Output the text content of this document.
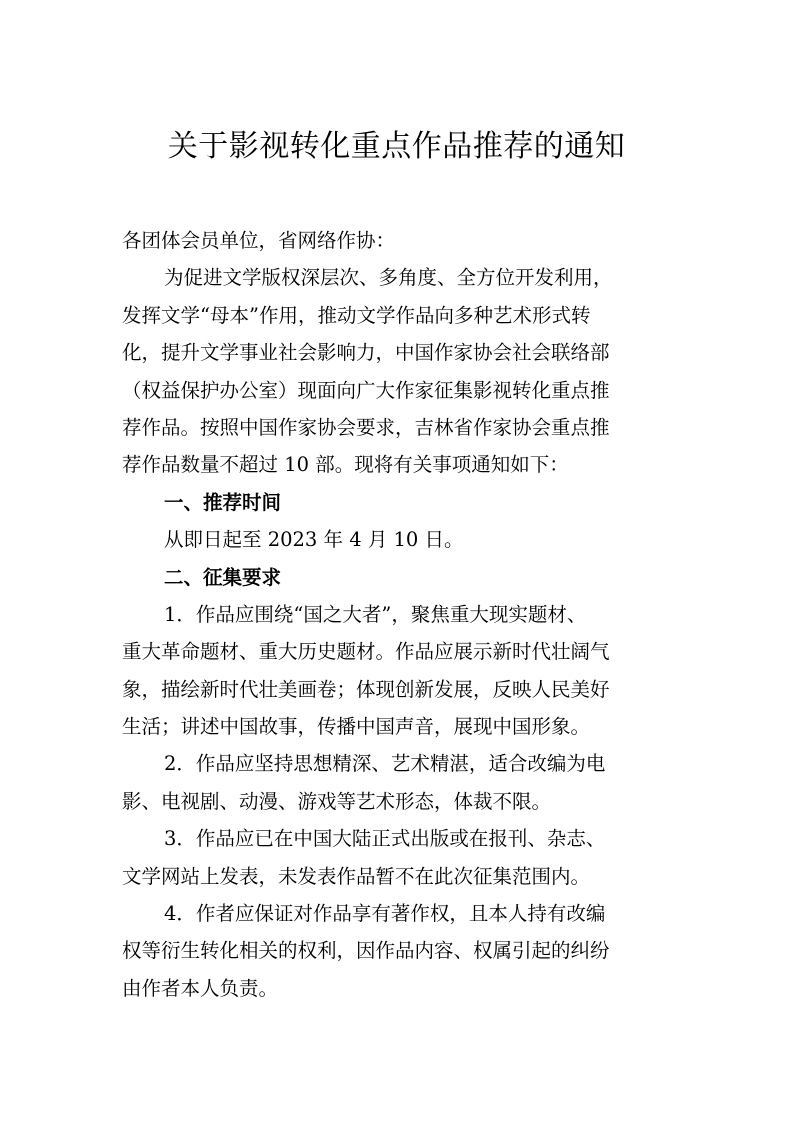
关于影视转化重点作品推荐的通知
各团体会员单位，省网络作协：
为促进文学版权深层次、多角度、全方位开发利用，
发挥文学“母本”作用，推动文学作品向多种艺术形式转
化，提升文学事业社会影响力，中国作家协会社会联络部
（权益保护办公室）现面向广大作家征集影视转化重点推
荐作品。按照中国作家协会要求，吉林省作家协会重点推
荐作品数量不超过 10 部。现将有关事项通知如下：
一、推荐时间
从即日起至 2023 年 4 月 10 日。
二、征集要求
1．作品应围绕“国之大者”，聚焦重大现实题材、
重大革命题材、重大历史题材。作品应展示新时代壮阔气
象，描绘新时代壮美画卷；体现创新发展，反映人民美好
生活；讲述中国故事，传播中国声音，展现中国形象。
2．作品应坚持思想精深、艺术精湛，适合改编为电
影、电视剧、动漫、游戏等艺术形态，体裁不限。
3．作品应已在中国大陆正式出版或在报刊、杂志、
文学网站上发表，未发表作品暂不在此次征集范围内。
4．作者应保证对作品享有著作权，且本人持有改编
权等衍生转化相关的权利，因作品内容、权属引起的纠纷
由作者本人负责。
